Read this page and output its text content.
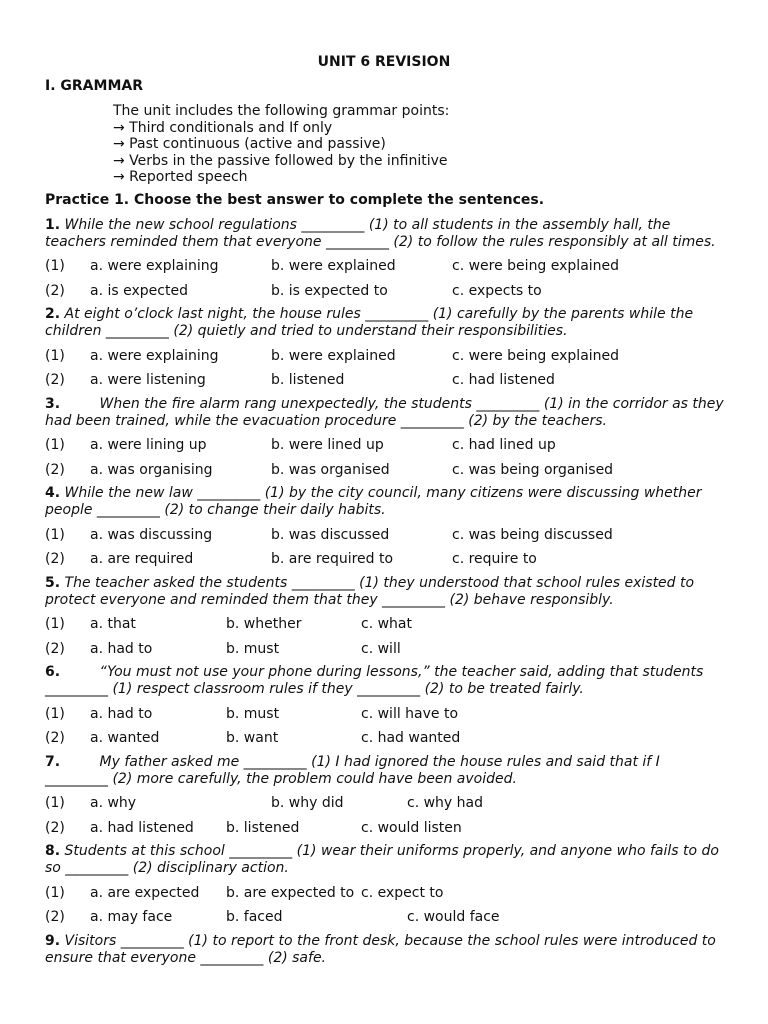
UNIT 6 REVISION
I. GRAMMAR
The unit includes the following grammar points:
→ Third conditionals and If only
→ Past continuous (active and passive)
→ Verbs in the passive followed by the infinitive
→ Reported speech
Practice 1. Choose the best answer to complete the sentences.
1. While the new school regulations _________ (1) to all students in the assembly hall, the teachers reminded them that everyone _________ (2) to follow the rules responsibly at all times.
(1) a. were explaining	b. were explained	c. were being explained
(2) a. is expected	b. is expected to	c. expects to
2. At eight o’clock last night, the house rules _________ (1) carefully by the parents while the children _________ (2) quietly and tried to understand their responsibilities.
(1) a. were explaining	b. were explained	c. were being explained
(2) a. were listening	b. listened	c. had listened
3.	When the fire alarm rang unexpectedly, the students _________ (1) in the corridor as they had been trained, while the evacuation procedure _________ (2) by the teachers.
(1) a. were lining up	b. were lined up	c. had lined up
(2) a. was organising	b. was organised	c. was being organised
4. While the new law _________ (1) by the city council, many citizens were discussing whether people _________ (2) to change their daily habits.
(1) a. was discussing	b. was discussed	c. was being discussed
(2) a. are required	b. are required to	c. require to
5. The teacher asked the students _________ (1) they understood that school rules existed to protect everyone and reminded them that they _________ (2) behave responsibly.
(1) a. that	b. whether	c. what
(2) a. had to	b. must	c. will
6.	“You must not use your phone during lessons,” the teacher said, adding that students _________ (1) respect classroom rules if they _________ (2) to be treated fairly.
(1) a. had to	b. must	c. will have to
(2) a. wanted	b. want	c. had wanted
7.	My father asked me _________ (1) I had ignored the house rules and said that if I _________ (2) more carefully, the problem could have been avoided.
(1) a. why	b. why did	c. why had
(2) a. had listened b. listened	c. would listen
8. Students at this school _________ (1) wear their uniforms properly, and anyone who fails to do so _________ (2) disciplinary action.
(1) a. are expected b. are expected to c. expect to
(2) a. may face	b. faced	c. would face
9. Visitors _________ (1) to report to the front desk, because the school rules were introduced to ensure that everyone _________ (2) safe.
